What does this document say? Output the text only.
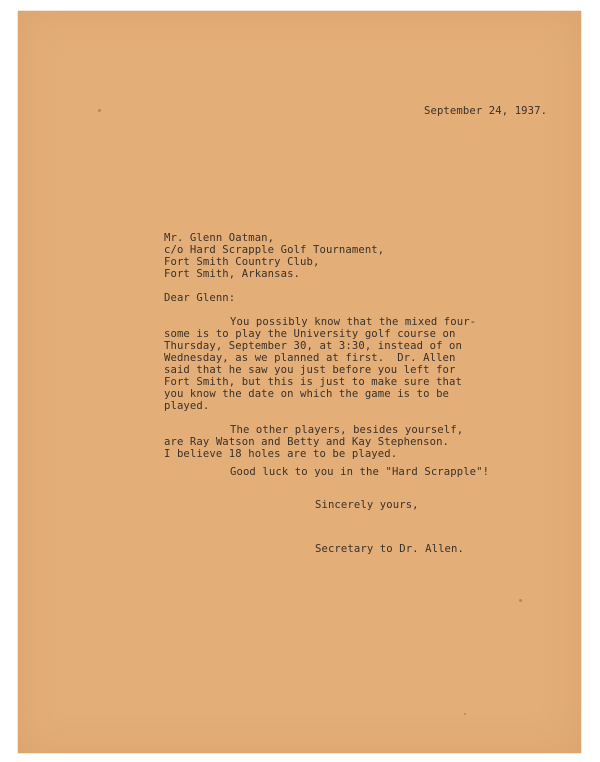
September 24, 1937.
Mr. Glenn Oatman,
c/o Hard Scrapple Golf Tournament,
Fort Smith Country Club,
Fort Smith, Arkansas.
Dear Glenn:
You possibly know that the mixed four-
some is to play the University golf course on
Thursday, September 30, at 3:30, instead of on
Wednesday, as we planned at first.  Dr. Allen
said that he saw you just before you left for
Fort Smith, but this is just to make sure that
you know the date on which the game is to be
played.
The other players, besides yourself,
are Ray Watson and Betty and Kay Stephenson.
I believe 18 holes are to be played.
Good luck to you in the "Hard Scrapple"!
Sincerely yours,
Secretary to Dr. Allen.
